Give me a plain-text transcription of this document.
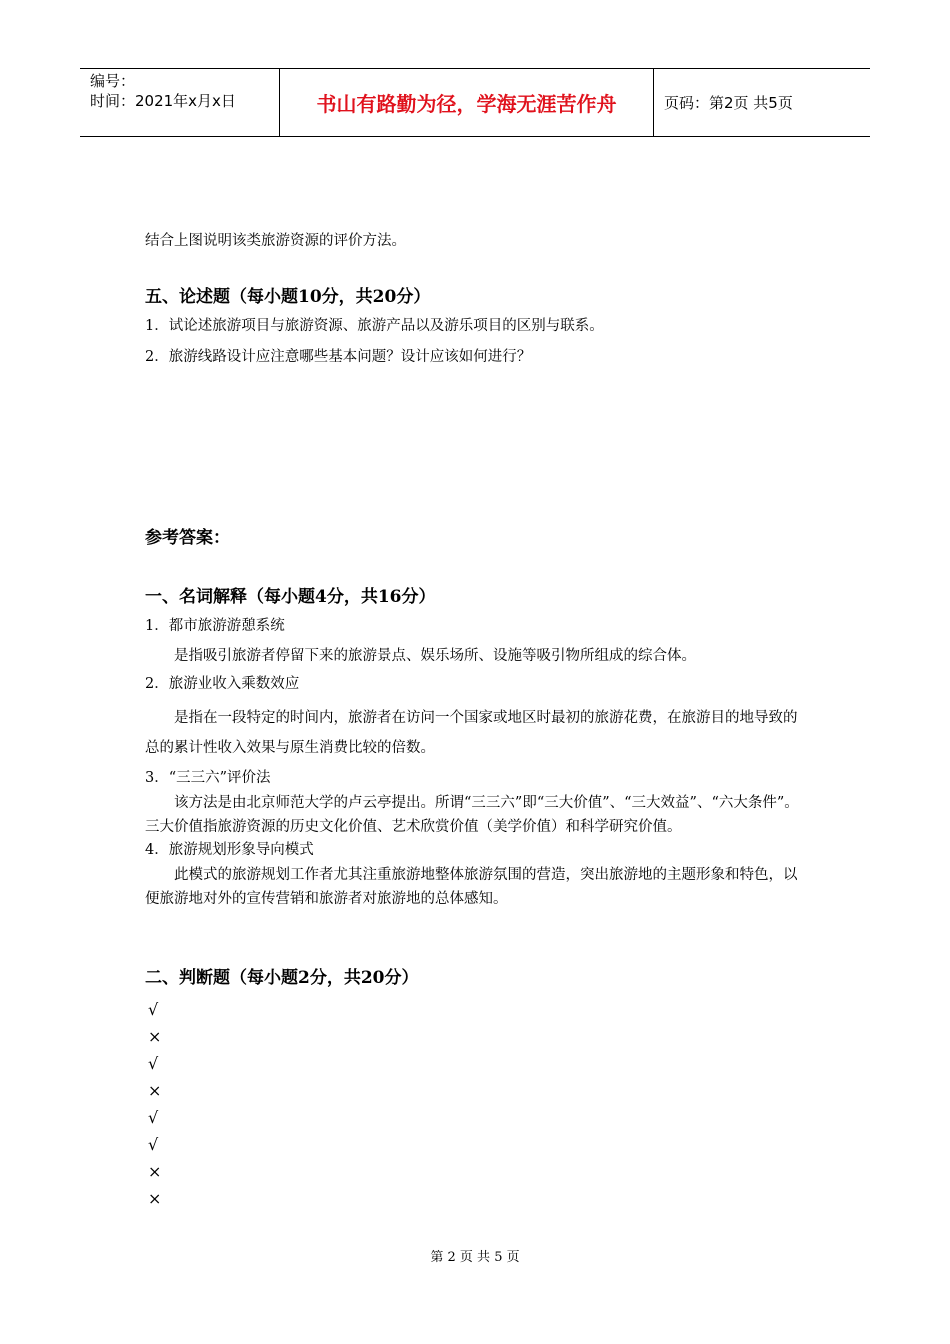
编号：
时间：2021年x月x日	书山有路勤为径，学海无涯苦作舟	页码：第2页 共5页

结合上图说明该类旅游资源的评价方法。

五、论述题（每小题10分，共20分）

1．试论述旅游项目与旅游资源、旅游产品以及游乐项目的区别与联系。

2．旅游线路设计应注意哪些基本问题？设计应该如何进行？

参考答案：

一、名词解释（每小题4分，共16分）

1．都市旅游游憩系统

是指吸引旅游者停留下来的旅游景点、娱乐场所、设施等吸引物所组成的综合体。

2．旅游业收入乘数效应

是指在一段特定的时间内，旅游者在访问一个国家或地区时最初的旅游花费，在旅游目的地导致的总的累计性收入效果与原生消费比较的倍数。

3．“三三六”评价法

该方法是由北京师范大学的卢云亭提出。所谓“三三六”即“三大价值”、“三大效益”、“六大条件”。三大价值指旅游资源的历史文化价值、艺术欣赏价值（美学价值）和科学研究价值。

4．旅游规划形象导向模式

此模式的旅游规划工作者尤其注重旅游地整体旅游氛围的营造，突出旅游地的主题形象和特色，以便旅游地对外的宣传营销和旅游者对旅游地的总体感知。

二、判断题（每小题2分，共20分）

√

×

√

×

√

√

×

×

第 2 页 共 5 页
